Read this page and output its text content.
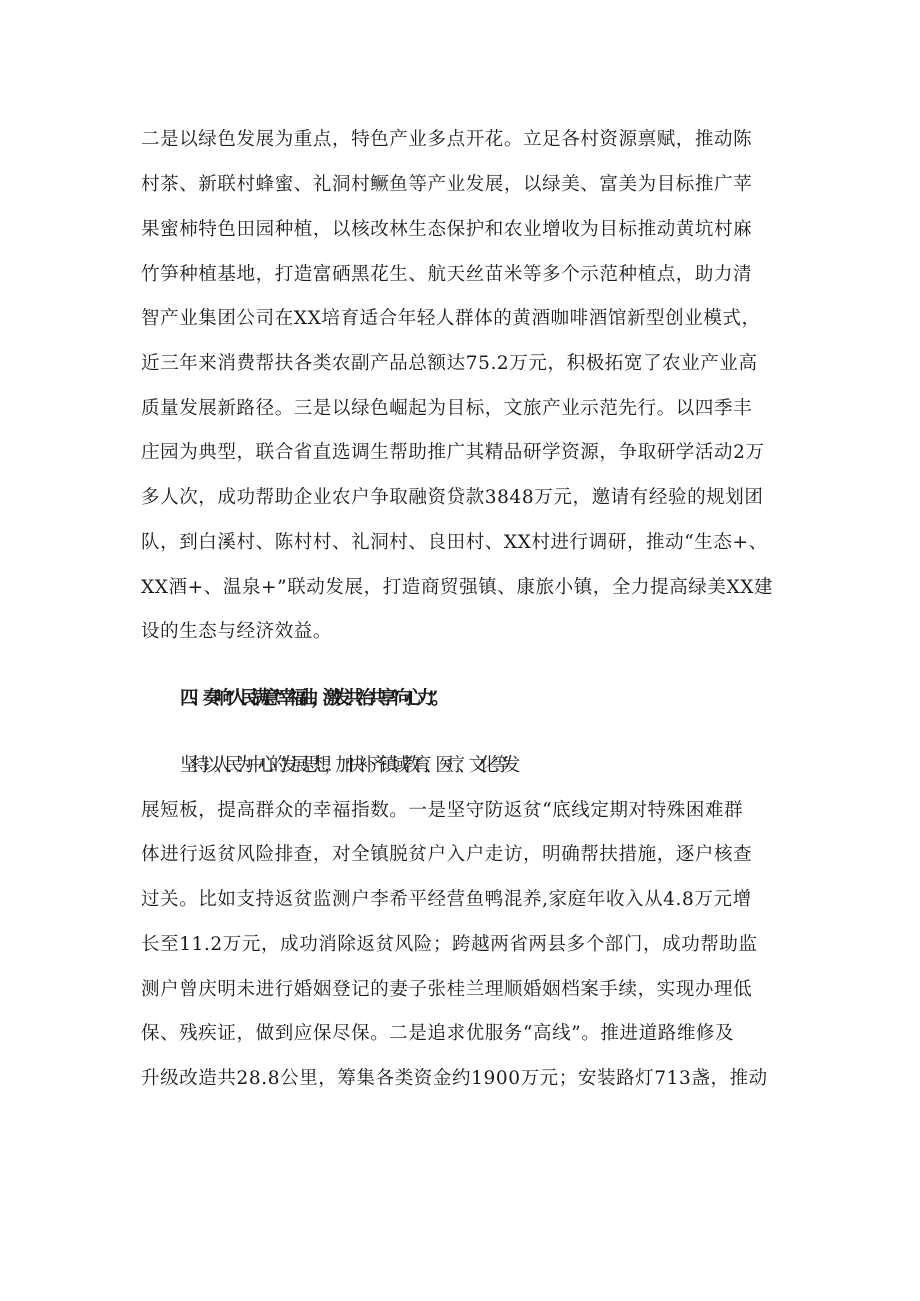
二是以绿色发展为重点，特色产业多点开花。立足各村资源禀赋，推动陈
村茶、新联村蜂蜜、礼洞村鳜鱼等产业发展，以绿美、富美为目标推广苹
果蜜柿特色田园种植，以核改林生态保护和农业增收为目标推动黄坑村麻
竹笋种植基地，打造富硒黑花生、航天丝苗米等多个示范种植点，助力清
智产业集团公司在XX培育适合年轻人群体的黄酒咖啡酒馆新型创业模式，
近三年来消费帮扶各类农副产品总额达75.2万元，积极拓宽了农业产业高
质量发展新路径。三是以绿色崛起为目标，文旅产业示范先行。以四季丰
庄园为典型，联合省直选调生帮助推广其精品研学资源，争取研学活动2万
多人次，成功帮助企业农户争取融资贷款3848万元，邀请有经验的规划团
队，到白溪村、陈村村、礼洞村、良田村、XX村进行调研，推动“生态+、
XX酒+、温泉+”联动发展，打造商贸强镇、康旅小镇，全力提高绿美XX建
设的生态与经济效益。
四、奏响“人民满意”幸福曲，激发共治共享“向心力”。
坚持以人民为中心的发展思想，加快补齐镇域教育、医疗、文化等发
展短板，提高群众的幸福指数。一是坚守防返贫“底线定期对特殊困难群
体进行返贫风险排查，对全镇脱贫户入户走访，明确帮扶措施，逐户核查
过关。比如支持返贫监测户李希平经营鱼鸭混养,家庭年收入从4.8万元增
长至11.2万元，成功消除返贫风险；跨越两省两县多个部门，成功帮助监
测户曾庆明未进行婚姻登记的妻子张桂兰理顺婚姻档案手续，实现办理低
保、残疾证，做到应保尽保。二是追求优服务“高线”。推进道路维修及
升级改造共28.8公里，筹集各类资金约1900万元；安装路灯713盏，推动
